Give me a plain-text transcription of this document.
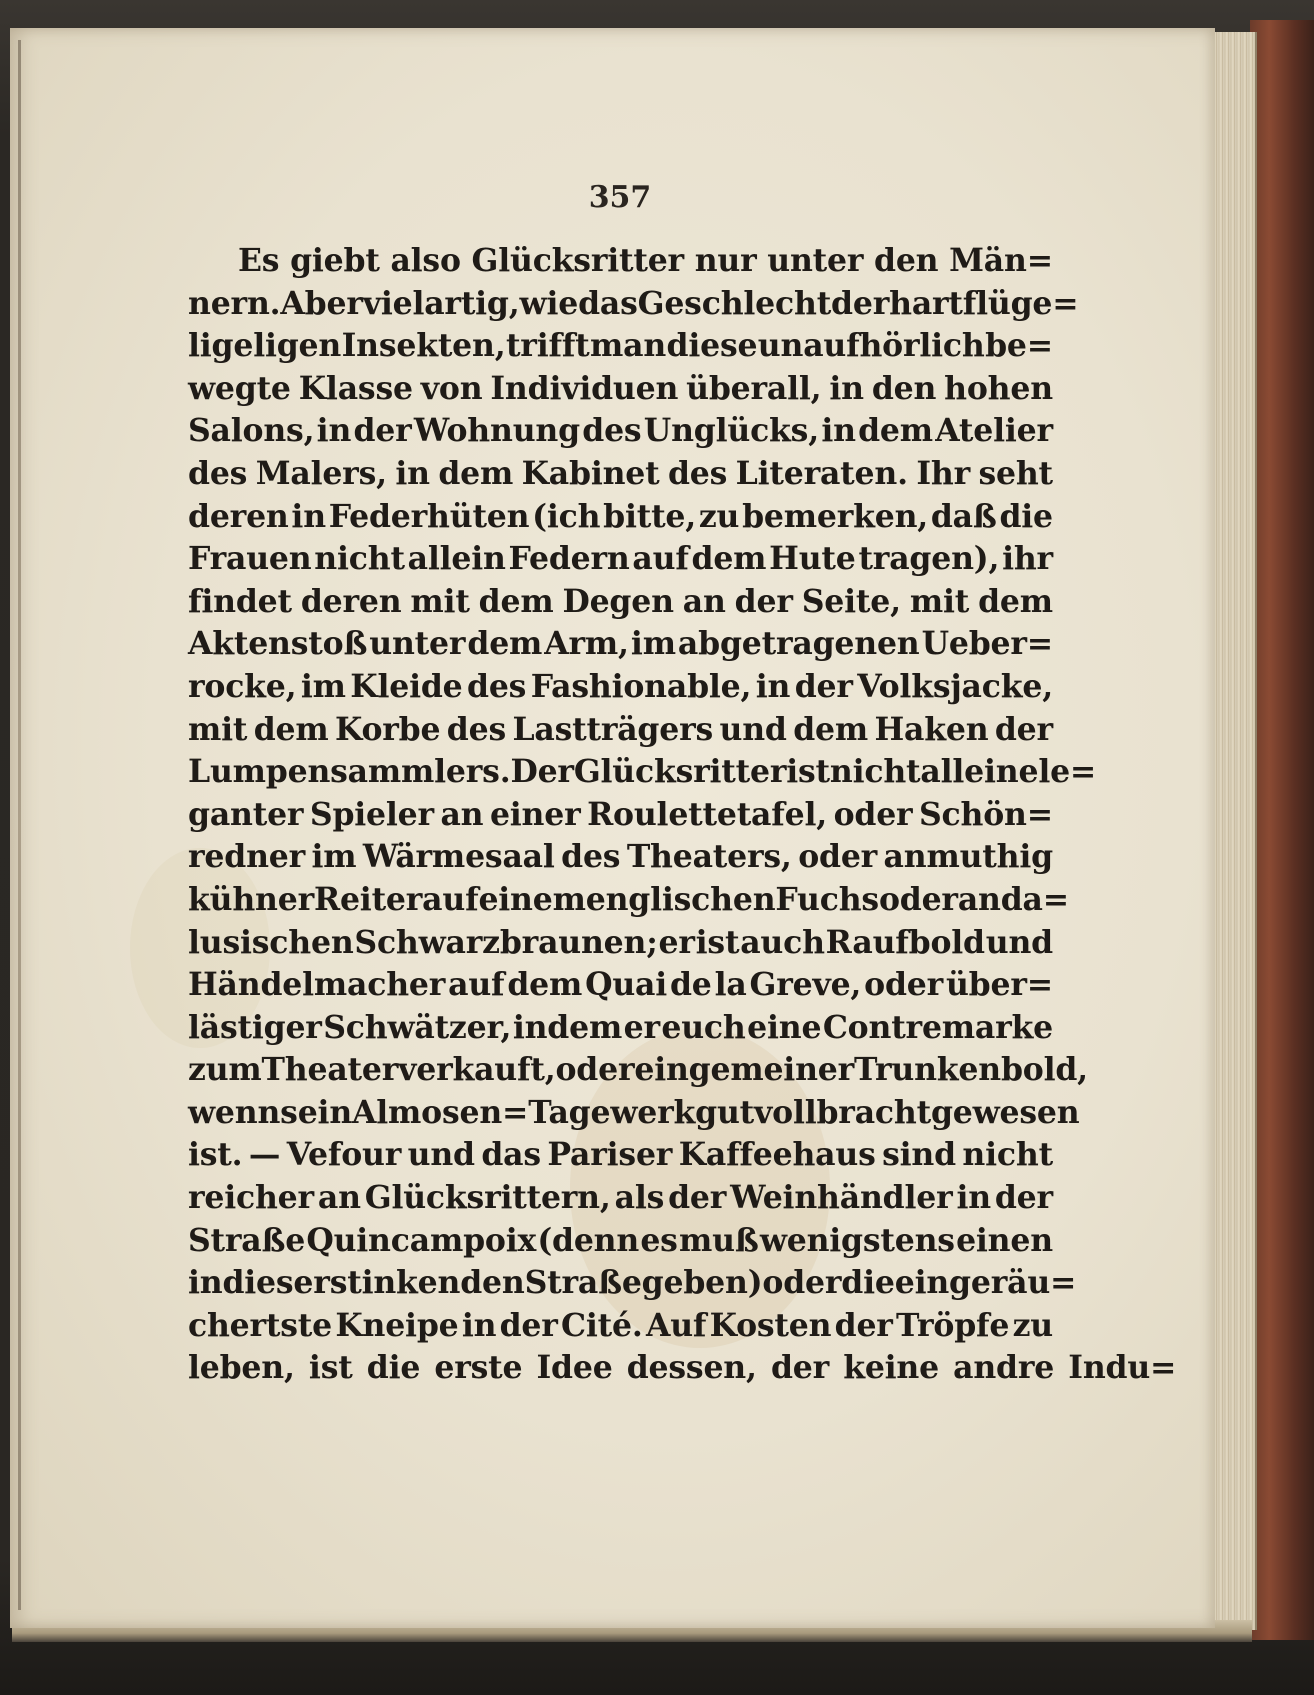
357
Es giebt also Glücksritter nur unter den Män=
nern. Aber vielartig, wie das Geschlecht der hartflüge=
ligeligen Insekten, trifft man diese unaufhörlich be=
wegte Klasse von Individuen überall, in den hohen
Salons, in der Wohnung des Unglücks, in dem Atelier
des Malers, in dem Kabinet des Literaten. Ihr seht
deren in Federhüten (ich bitte, zu bemerken, daß die
Frauen nicht allein Federn auf dem Hute tragen), ihr
findet deren mit dem Degen an der Seite, mit dem
Aktenstoß unter dem Arm, im abgetragenen Ueber=
rocke, im Kleide des Fashionable, in der Volksjacke,
mit dem Korbe des Lastträgers und dem Haken der
Lumpensammlers. Der Glücksritter ist nicht allein ele=
ganter Spieler an einer Roulettetafel, oder Schön=
redner im Wärmesaal des Theaters, oder anmuthig
kühner Reiter auf einem englischen Fuchs oder anda=
lusischen Schwarzbraunen; er ist auch Raufbold und
Händelmacher auf dem Quai de la Greve, oder über=
lästiger Schwätzer, indem er euch eine Contremarke
zum Theater verkauft, oder ein gemeiner Trunkenbold,
wenn sein Almosen=Tagewerk gut vollbracht gewesen
ist. — Vefour und das Pariser Kaffeehaus sind nicht
reicher an Glücksrittern, als der Weinhändler in der
Straße Quincampoix (denn es muß wenigstens einen
in dieser stinkenden Straße geben) oder die eingeräu=
chertste Kneipe in der Cité. Auf Kosten der Tröpfe zu
leben, ist die erste Idee dessen, der keine andre Indu=
